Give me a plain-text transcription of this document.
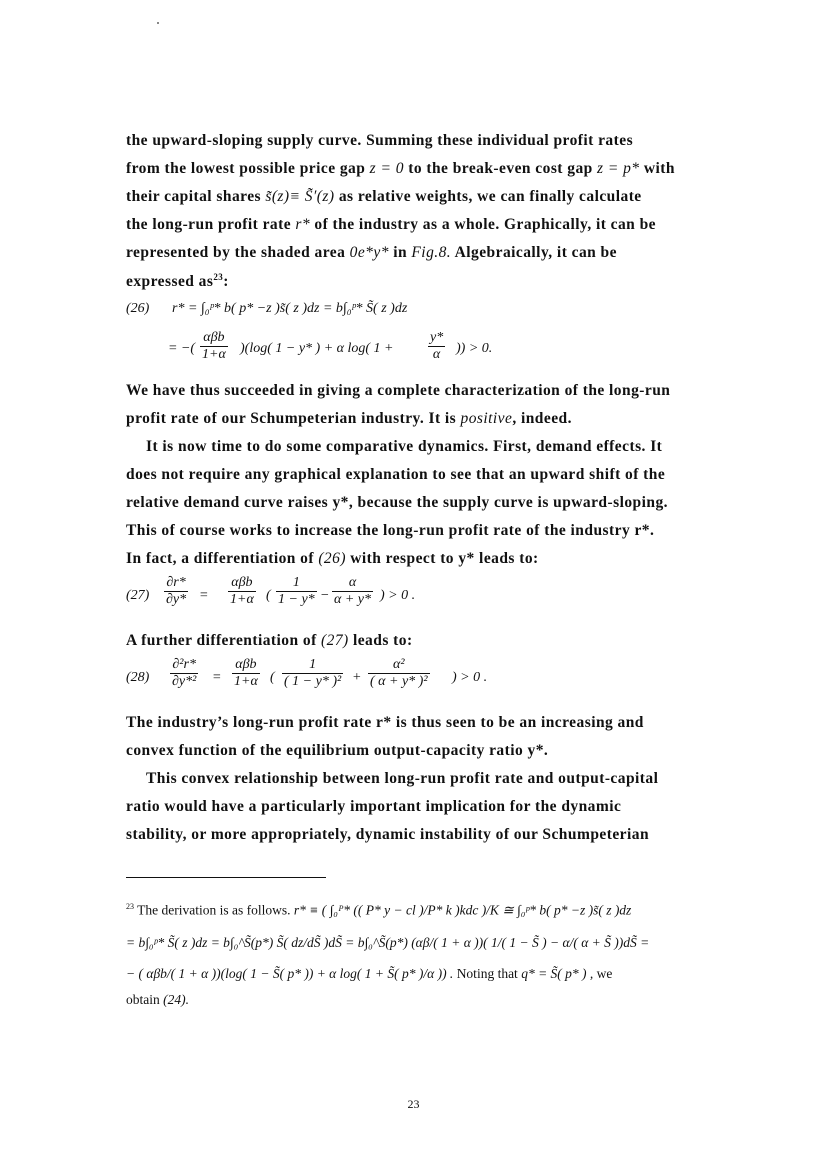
the upward-sloping supply curve. Summing these individual profit rates
from the lowest possible price gap z = 0 to the break-even cost gap z = p* with
their capital shares s̃(z)≡ S̃′(z) as relative weights, we can finally calculate
the long-run profit rate r* of the industry as a whole. Graphically, it can be
represented by the shaded area 0e*y* in Fig.8. Algebraically, it can be
expressed $as^{23}$:
(26) r* = ∫₀ᵖ* b( p* −z )s̃( z )dz = b∫₀ᵖ* S̃( z )dz
= −(
αβb
1+α )(log( 1 − y* ) + α log( $1 + \frac{y*}{\alpha}$ )) > 0.
We have thus succeeded in giving a complete characterization of the long-run
profit rate of our Schumpeterian industry. It is positive, indeed.
It is now time to do some comparative dynamics. First, demand effects. It
does not require any graphical explanation to see that an upward shift of the
relative demand curve raises y*, because the supply curve is upward-sloping.
This of course works to increase the long-run profit rate of the industry r*.
In fact, a differentiation of (26) with respect to y* leads to:
$(27) \frac{\partial r*}{\partial y*}$ =
αβb
1+α ( $\frac{1}{1 - y*} - \frac{\alpha}{\alpha + y*}$ ) > 0 .
A further differentiation of (27) leads to:
$(28) \frac{\text{∂²r*}}{\text{∂y*²}}$ =
αβb
1+α ( $\frac{1}{\text{( 1 − y* )²}} + \frac{\text{α²}}{\text{( α + y* )²}}$ ) > 0 .
The industry’s long-run profit rate r* is thus seen to be an increasing and
convex function of the equilibrium output-capacity ratio y*.
This convex relationship between long-run profit rate and output-capital
ratio would have a particularly important implication for the dynamic
stability, or more appropriately, dynamic instability of our Schumpeterian
$^{23}$ The derivation is as follows. r* ≡ ( ∫₀ᴾ* (( P* y − cl )/P* k )kdc )/K ≅ ∫₀ᵖ* b( p* −z )s̃( z )dz
= b∫₀ᵖ* S̃( z )dz = b∫₀^S̃(p*) S̃( dz/dS̃ )dS̃ = b∫₀^S̃(p*) (αβ/( 1 + α ))( 1/( 1 − S̃ ) − α/( α + S̃ ))dS̃ =
− ( αβb/( 1 + α ))(log( 1 − S̃( p* )) + α log( 1 + S̃( p* )/α )) . Noting that q* = S̃( p* ) , we
obtain (24).
23
